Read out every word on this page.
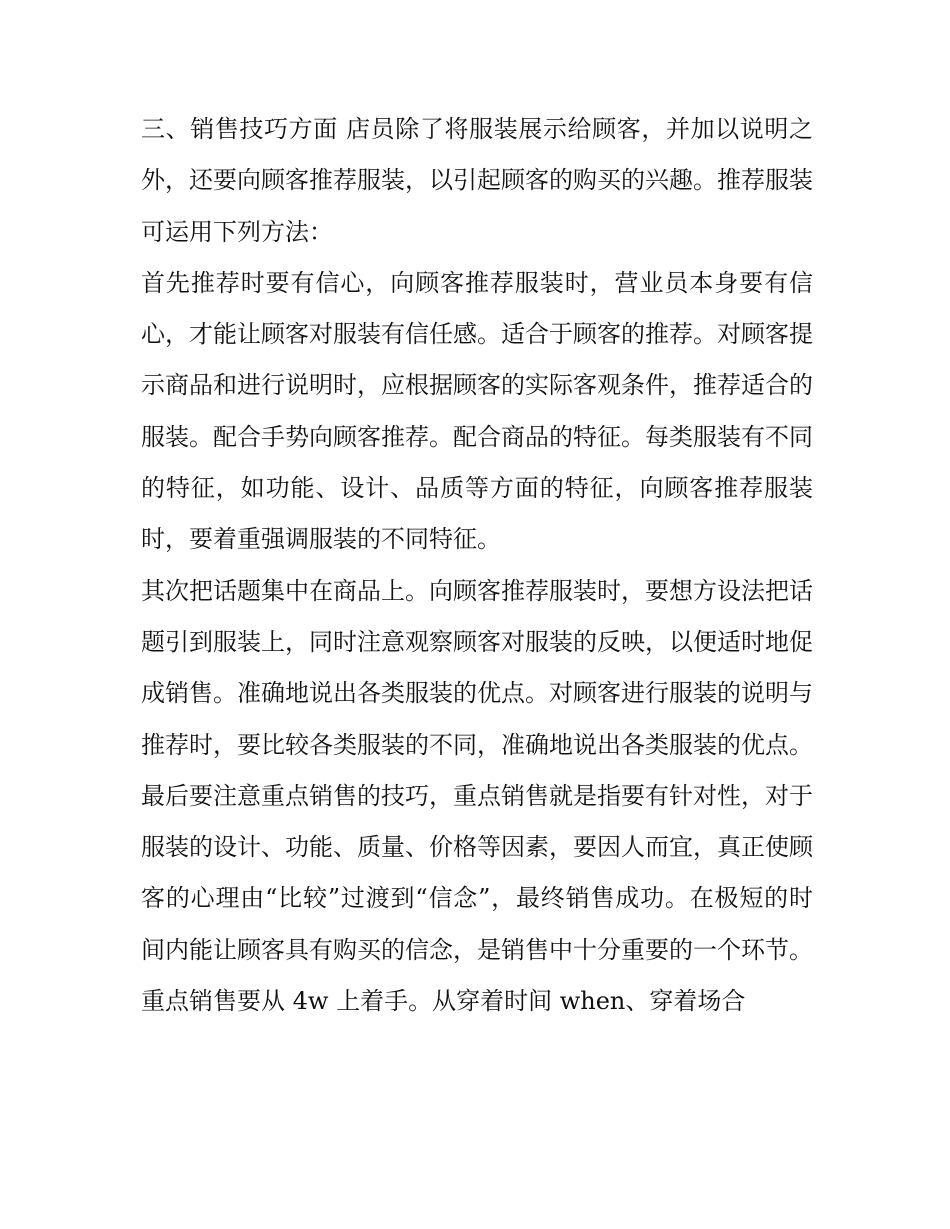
三、销售技巧方面 店员除了将服装展示给顾客，并加以说明之外，还要向顾客推荐服装，以引起顾客的购买的兴趣。推荐服装可运用下列方法：

首先推荐时要有信心，向顾客推荐服装时，营业员本身要有信心，才能让顾客对服装有信任感。适合于顾客的推荐。对顾客提示商品和进行说明时，应根据顾客的实际客观条件，推荐适合的服装。配合手势向顾客推荐。配合商品的特征。每类服装有不同的特征，如功能、设计、品质等方面的特征，向顾客推荐服装时，要着重强调服装的不同特征。

其次把话题集中在商品上。向顾客推荐服装时，要想方设法把话题引到服装上，同时注意观察顾客对服装的反映，以便适时地促成销售。准确地说出各类服装的优点。对顾客进行服装的说明与推荐时，要比较各类服装的不同，准确地说出各类服装的优点。

最后要注意重点销售的技巧，重点销售就是指要有针对性，对于服装的设计、功能、质量、价格等因素，要因人而宜，真正使顾客的心理由“比较”过渡到“信念”，最终销售成功。在极短的时间内能让顾客具有购买的信念，是销售中十分重要的一个环节。

重点销售要从 4w 上着手。从穿着时间 when、穿着场合
